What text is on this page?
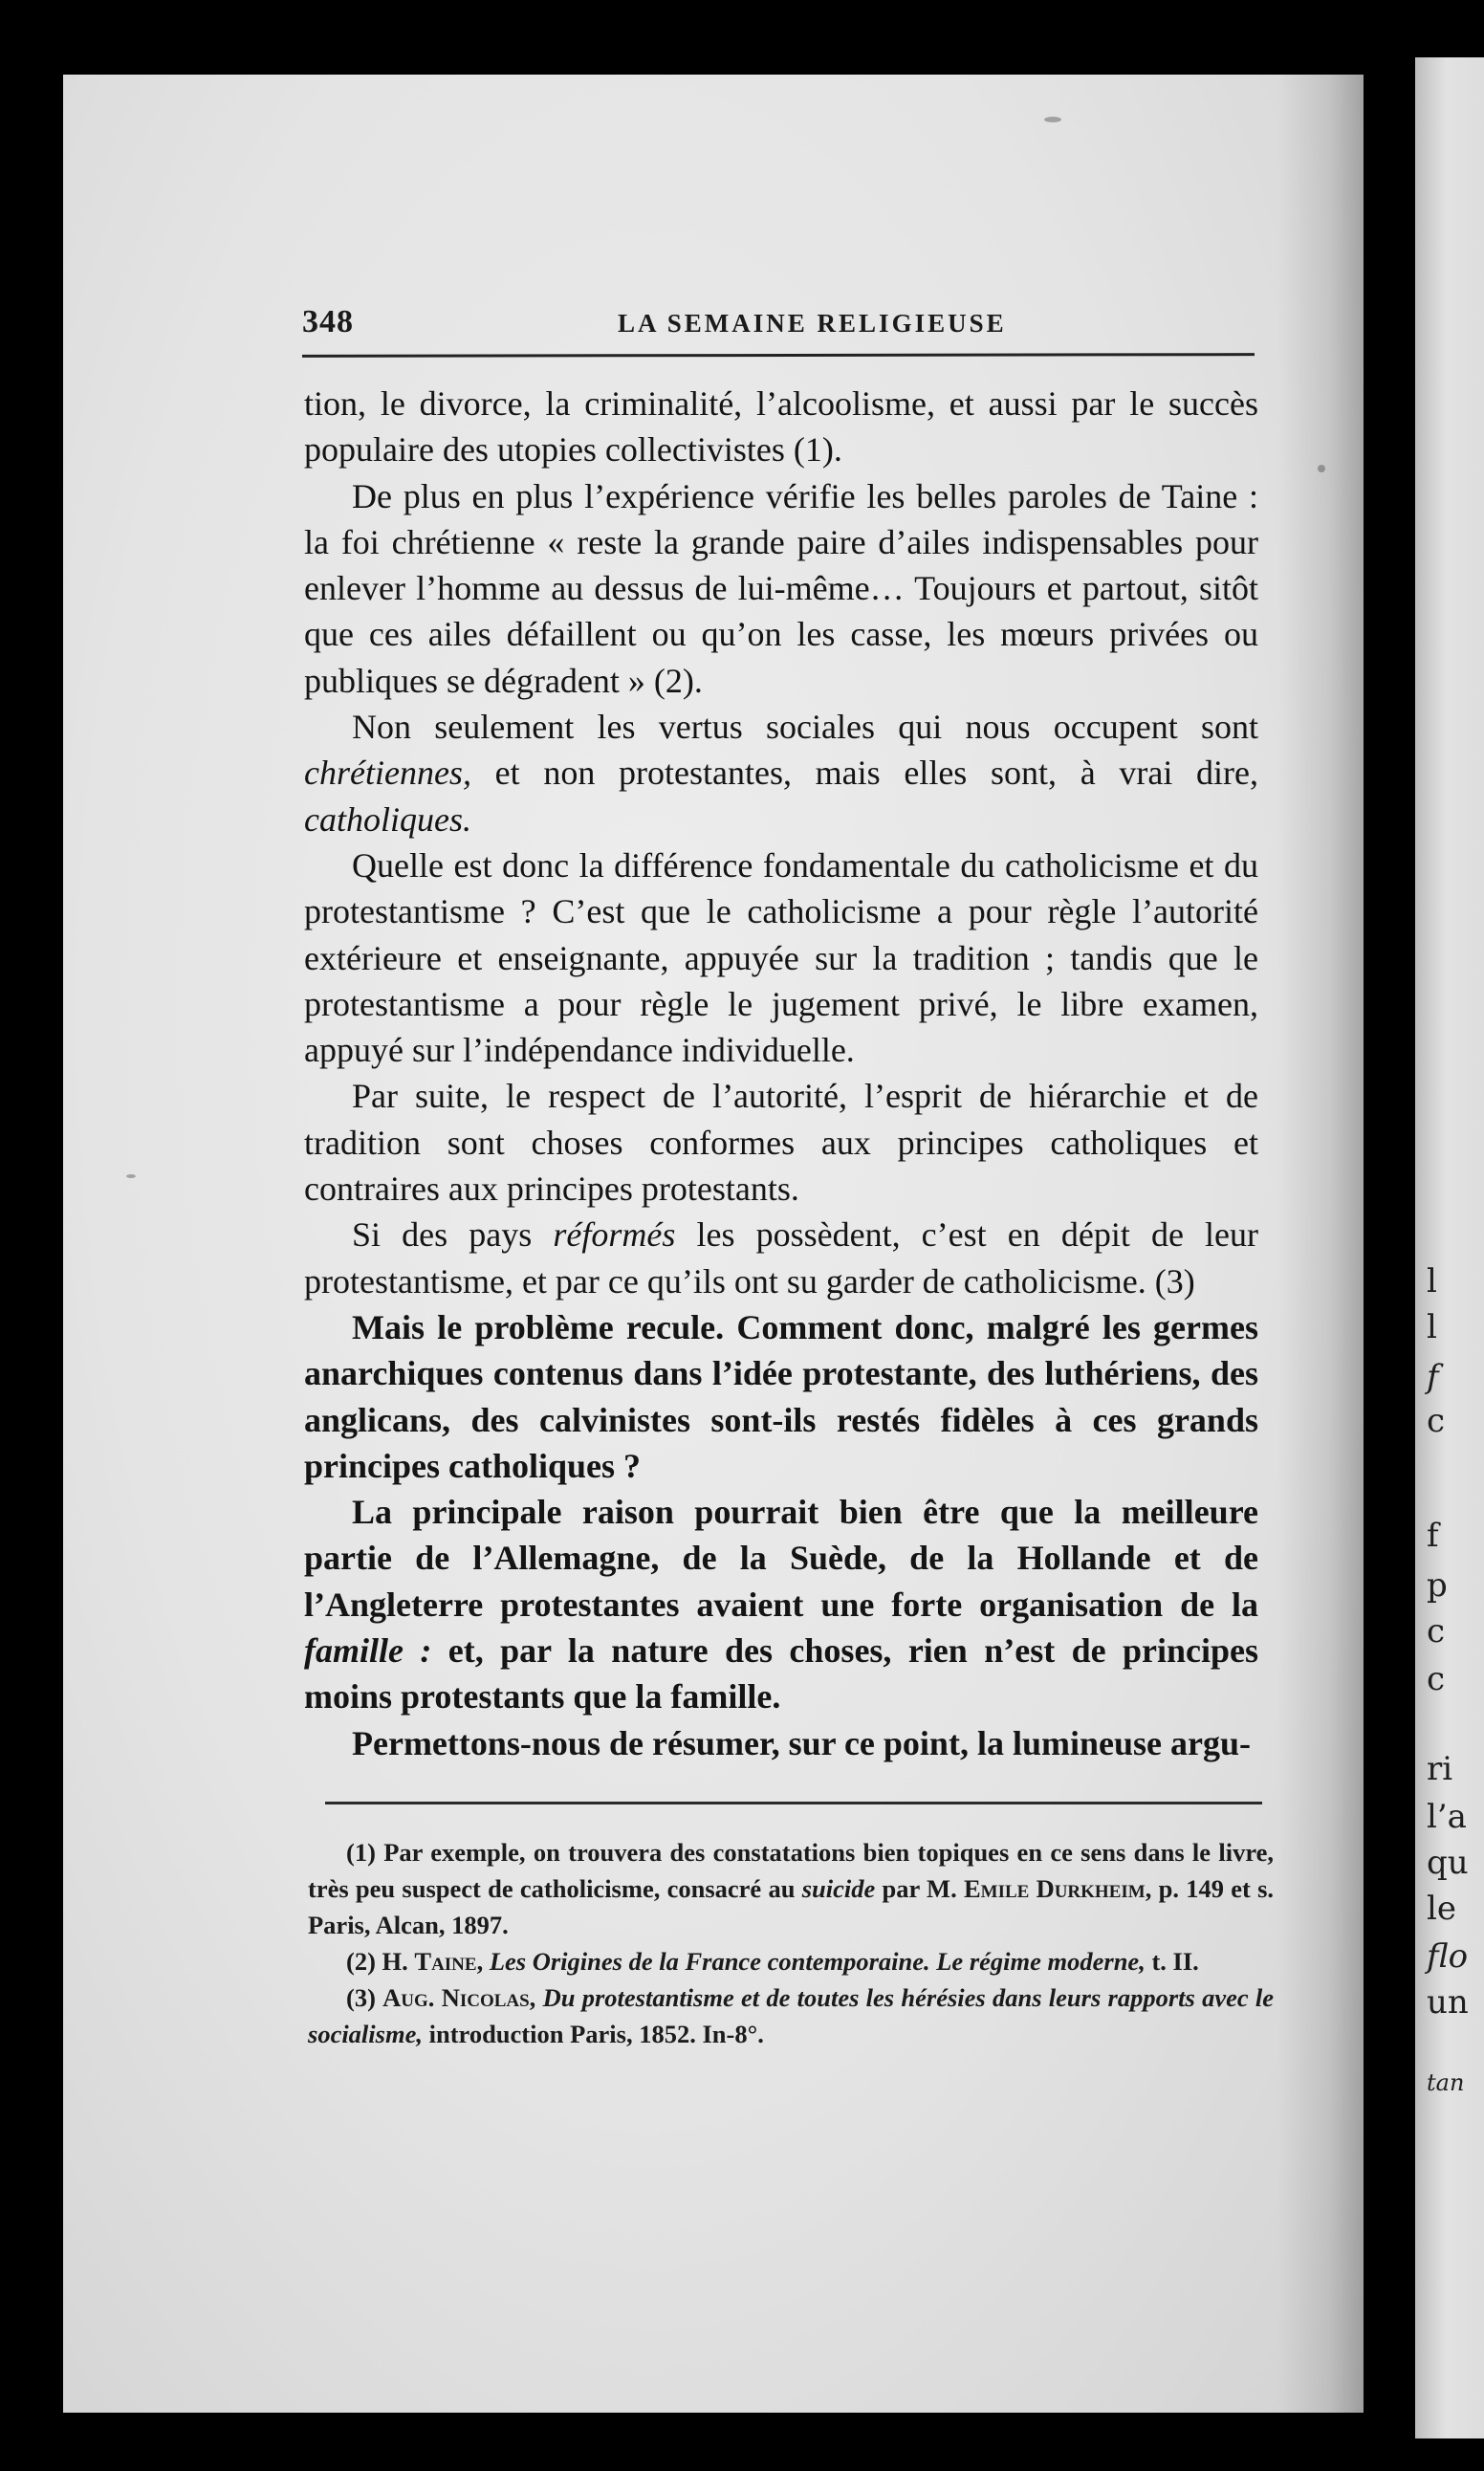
l
l
f
c
f
p
c
c
ri
l’a
qu
le
flo
un
tan
348	LA SEMAINE RELIGIEUSE

tion, le divorce, la criminalité, l’alcoolisme, et aussi par le succès populaire des utopies collectivistes (1).

De plus en plus l’expérience vérifie les belles paroles de Taine : la foi chrétienne « reste la grande paire d’ailes indispensables pour enlever l’homme au dessus de lui-même… Toujours et partout, sitôt que ces ailes défaillent ou qu’on les casse, les mœurs privées ou publiques se dégradent » (2).

Non seulement les vertus sociales qui nous occupent sont chrétiennes, et non protestantes, mais elles sont, à vrai dire, catholiques.

Quelle est donc la différence fondamentale du catholicisme et du protestantisme ? C’est que le catholicisme a pour règle l’autorité extérieure et enseignante, appuyée sur la tradition ; tandis que le protestantisme a pour règle le jugement privé, le libre examen, appuyé sur l’indépendance individuelle.

Par suite, le respect de l’autorité, l’esprit de hiérarchie et de tradition sont choses conformes aux principes catholiques et contraires aux principes protestants.

Si des pays réformés les possèdent, c’est en dépit de leur protestantisme, et par ce qu’ils ont su garder de catholicisme. (3)

Mais le problème recule. Comment donc, malgré les germes anarchiques contenus dans l’idée protestante, des luthériens, des anglicans, des calvinistes sont-ils restés fidèles à ces grands principes catholiques ?

La principale raison pourrait bien être que la meilleure partie de l’Allemagne, de la Suède, de la Hollande et de l’Angleterre protestantes avaient une forte organisation de la famille : et, par la nature des choses, rien n’est de principes moins protestants que la famille.

Permettons-nous de résumer, sur ce point, la lumineuse argu-

(1) Par exemple, on trouvera des constatations bien topiques en ce sens dans le livre, très peu suspect de catholicisme, consacré au suicide par M. Emile Durkheim, p. 149 et s. Paris, Alcan, 1897.

(2) H. Taine, Les Origines de la France contemporaine. Le régime moderne, t. II.

(3) Aug. Nicolas, Du protestantisme et de toutes les hérésies dans leurs rapports avec le socialisme, introduction Paris, 1852. In-8°.
